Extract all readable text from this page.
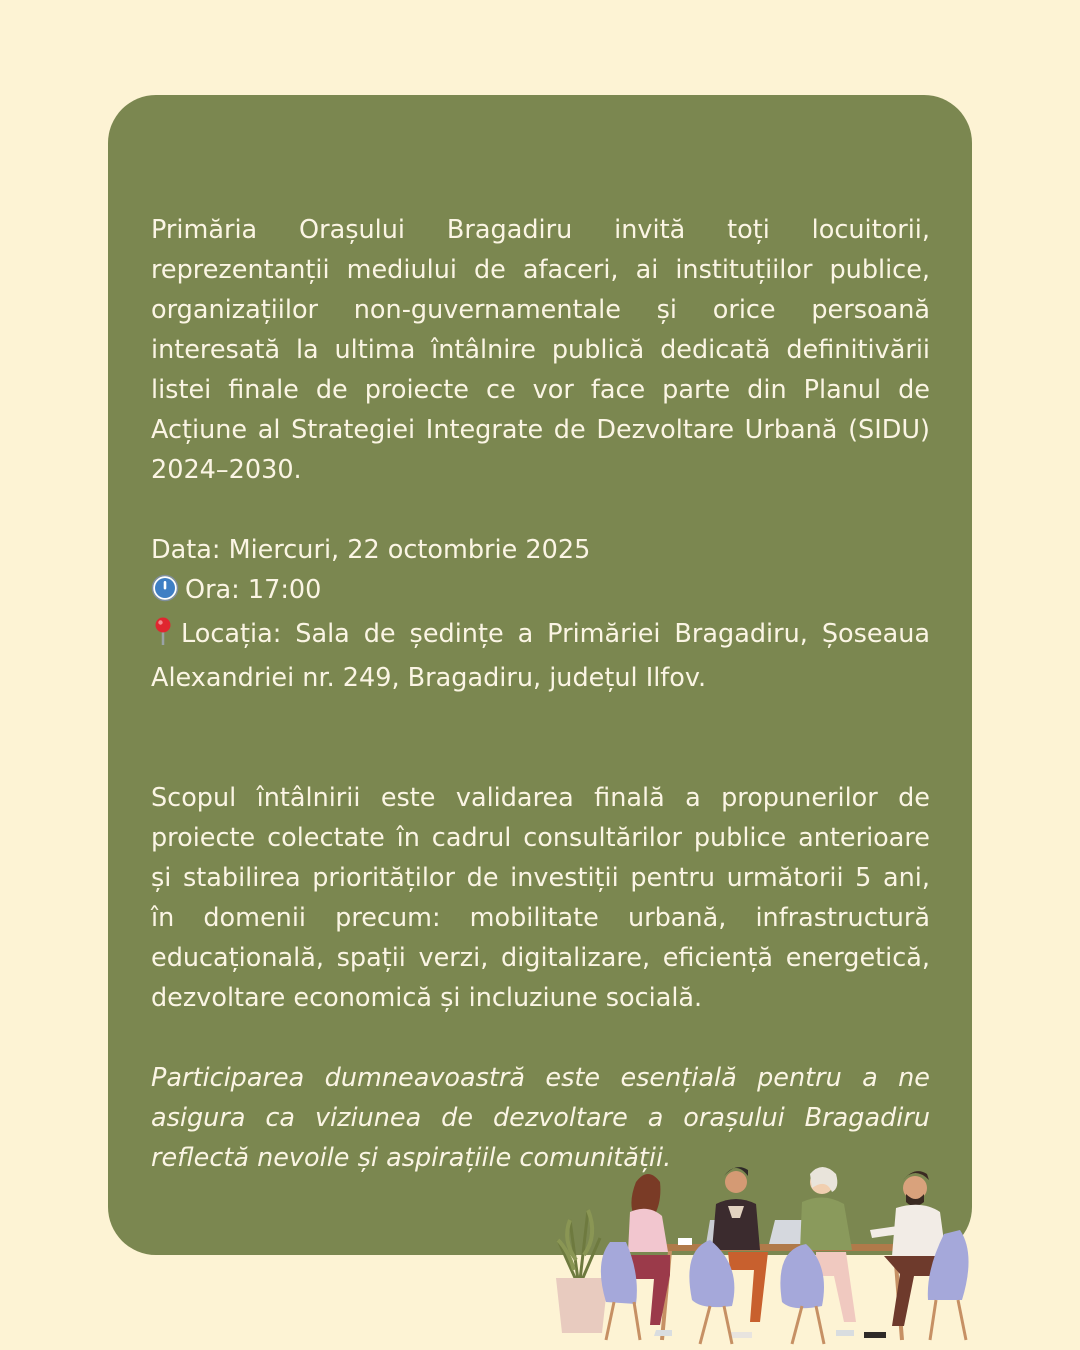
Primăria Orașului Bragadiru invită toți locuitorii, reprezentanții mediului de afaceri, ai instituțiilor publice, organizațiilor non-guvernamentale și orice persoană interesată la ultima întâlnire publică dedicată definitivării listei finale de proiecte ce vor face parte din Planul de Acțiune al Strategiei Integrate de Dezvoltare Urbană (SIDU) 2024–2030.

Data: Miercuri, 22 octombrie 2025

Ora: 17:00

Locația: Sala de ședințe a Primăriei Bragadiru, Șoseaua Alexandriei nr. 249, Bragadiru, județul Ilfov.

Scopul întâlnirii este validarea finală a propunerilor de proiecte colectate în cadrul consultărilor publice anterioare și stabilirea priorităților de investiții pentru următorii 5 ani, în domenii precum: mobilitate urbană, infrastructură educațională, spații verzi, digitalizare, eficiență energetică, dezvoltare economică și incluziune socială.

Participarea dumneavoastră este esențială pentru a ne asigura ca viziunea de dezvoltare a orașului Bragadiru reflectă nevoile și aspirațiile comunității.
